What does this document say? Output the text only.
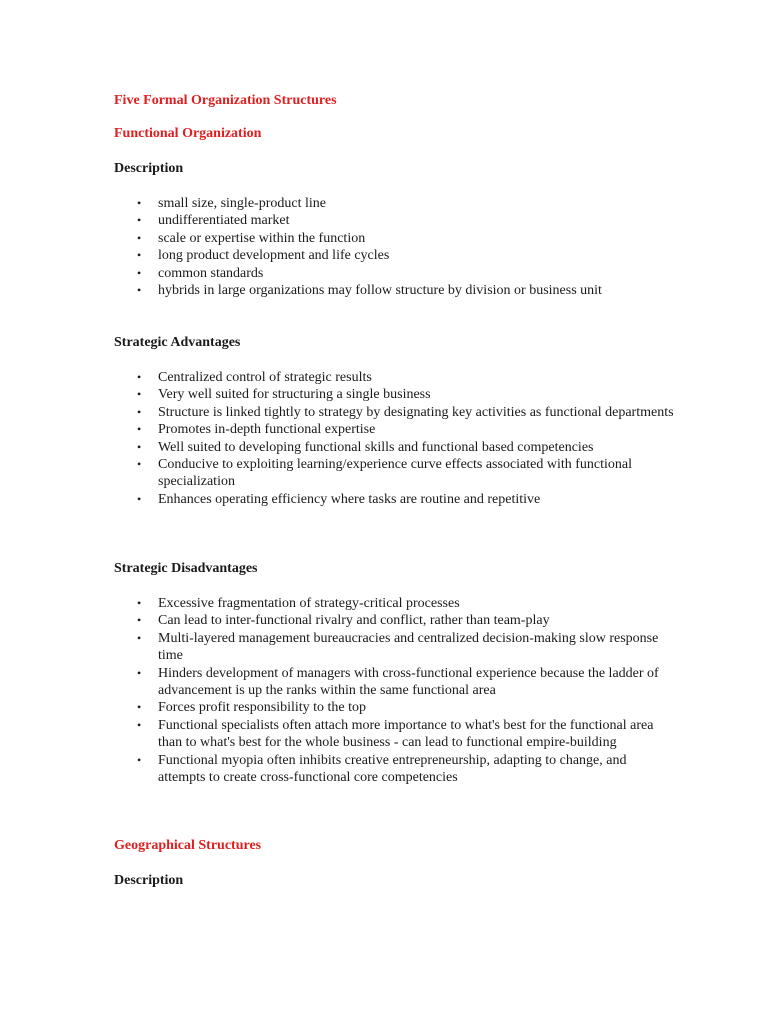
Five Formal Organization Structures
Functional Organization
Description
• small size, single-product line
• undifferentiated market
• scale or expertise within the function
• long product development and life cycles
• common standards
• hybrids in large organizations may follow structure by division or business unit
Strategic Advantages
• Centralized control of strategic results
• Very well suited for structuring a single business
• Structure is linked tightly to strategy by designating key activities as functional departments
• Promotes in-depth functional expertise
• Well suited to developing functional skills and functional based competencies
• Conducive to exploiting learning/experience curve effects associated with functional specialization
• Enhances operating efficiency where tasks are routine and repetitive
Strategic Disadvantages
• Excessive fragmentation of strategy-critical processes
• Can lead to inter-functional rivalry and conflict, rather than team-play
• Multi-layered management bureaucracies and centralized decision-making slow response time
• Hinders development of managers with cross-functional experience because the ladder of advancement is up the ranks within the same functional area
• Forces profit responsibility to the top
• Functional specialists often attach more importance to what's best for the functional area than to what's best for the whole business - can lead to functional empire-building
• Functional myopia often inhibits creative entrepreneurship, adapting to change, and attempts to create cross-functional core competencies
Geographical Structures
Description
